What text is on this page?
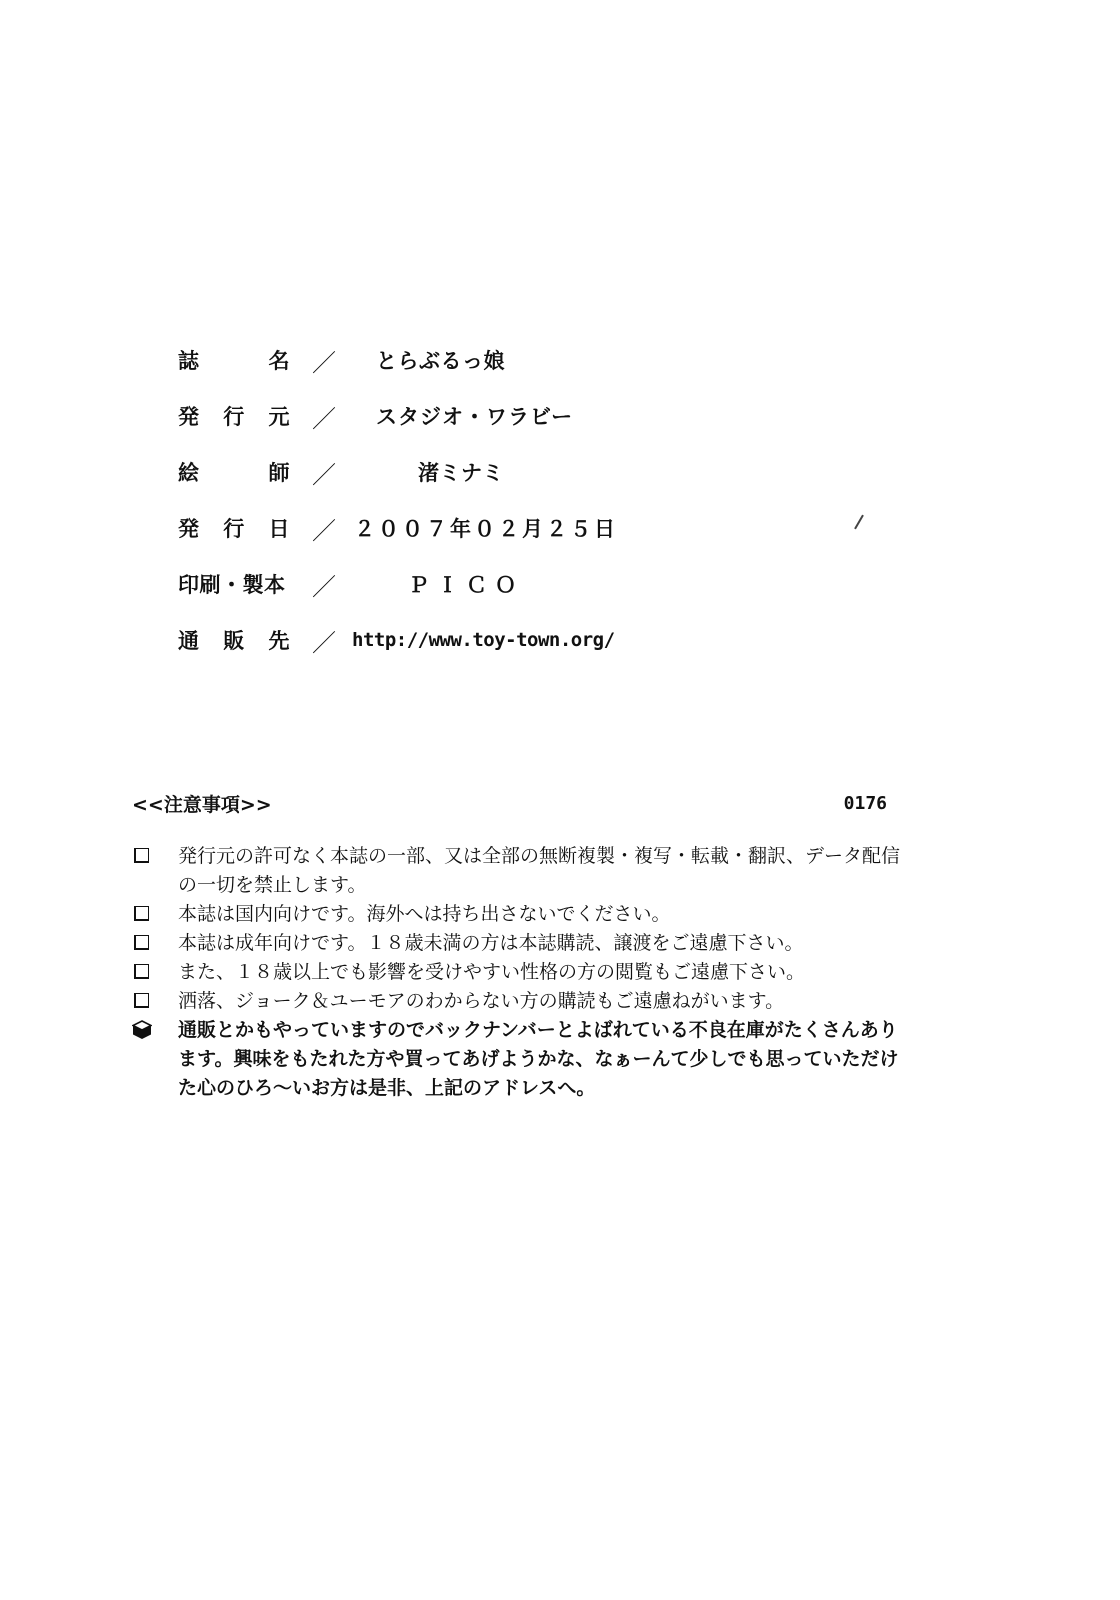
誌	名 ／	とらぶるっ娘
発 行 元 ／	スタジオ・ワラビー
絵	師 ／	渚ミナミ
発 行 日 ／ ２００７年０２月２５日
印刷・製本 ／	ＰＩＣＯ
通 販 先 ／ http://www.toy-town.org/
<<注意事項>>	0176
発行元の許可なく本誌の一部、又は全部の無断複製・複写・転載・翻訳、データ配信の一切を禁止します。
本誌は国内向けです。海外へは持ち出さないでください。
本誌は成年向けです。１８歳未満の方は本誌購読、譲渡をご遠慮下さい。
また、１８歳以上でも影響を受けやすい性格の方の閲覧もご遠慮下さい。
洒落、ジョーク＆ユーモアのわからない方の購読もご遠慮ねがいます。
通販とかもやっていますのでバックナンバーとよばれている不良在庫がたくさんあります。興味をもたれた方や買ってあげようかな、なぁーんて少しでも思っていただけた心のひろ～いお方は是非、上記のアドレスへ。
